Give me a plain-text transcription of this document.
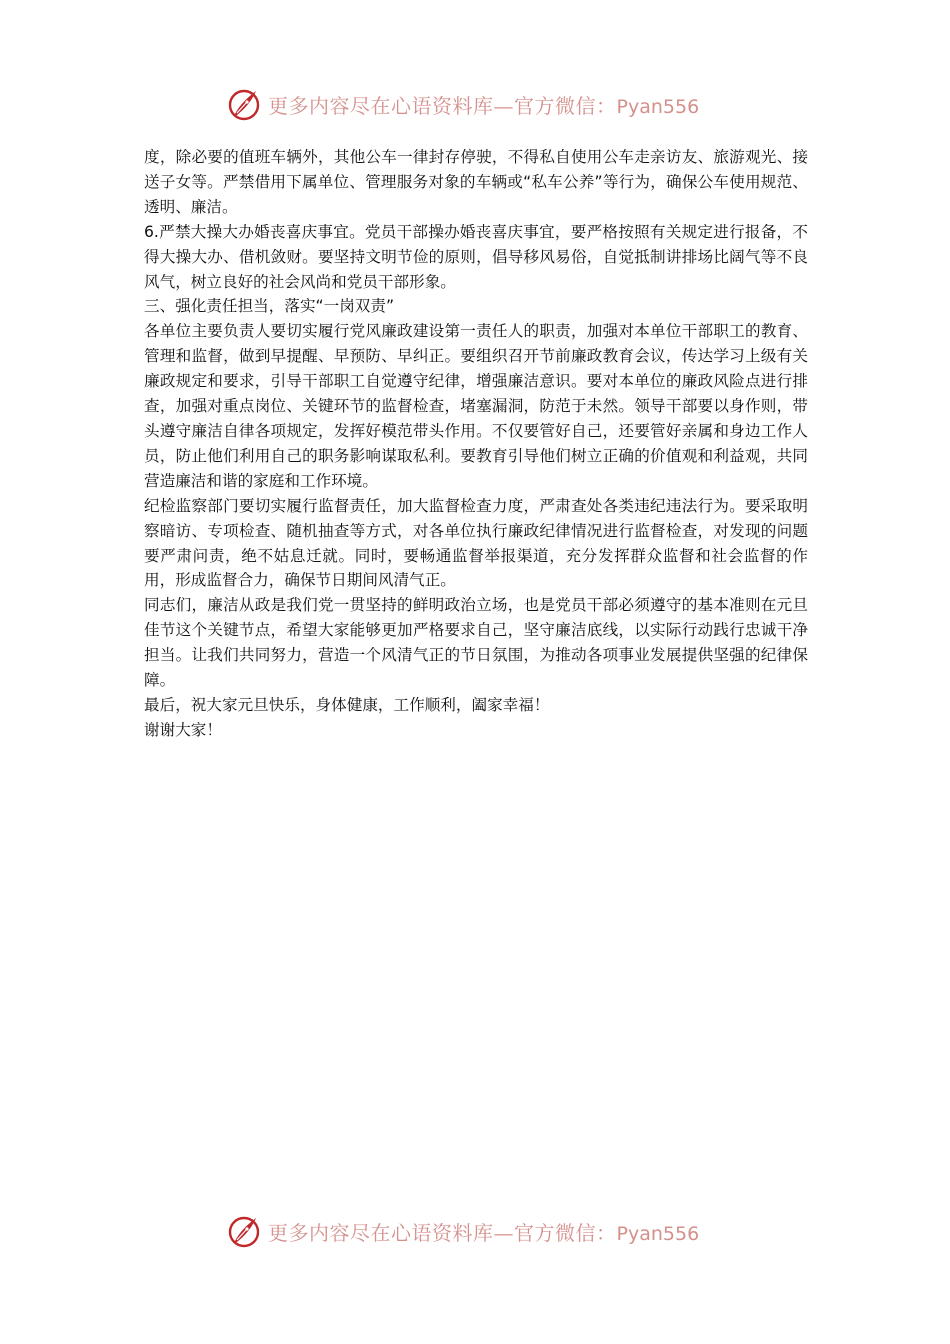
更多内容尽在心语资料库—官方微信：Pyan556

度，除必要的值班车辆外，其他公车一律封存停驶，不得私自使用公车走亲访友、旅游观光、接送子女等。严禁借用下属单位、管理服务对象的车辆或“私车公养”等行为，确保公车使用规范、透明、廉洁。

6.严禁大操大办婚丧喜庆事宜。党员干部操办婚丧喜庆事宜，要严格按照有关规定进行报备，不得大操大办、借机敛财。要坚持文明节俭的原则，倡导移风易俗，自觉抵制讲排场比阔气等不良风气，树立良好的社会风尚和党员干部形象。

三、强化责任担当，落实“一岗双责”

各单位主要负责人要切实履行党风廉政建设第一责任人的职责，加强对本单位干部职工的教育、管理和监督，做到早提醒、早预防、早纠正。要组织召开节前廉政教育会议，传达学习上级有关廉政规定和要求，引导干部职工自觉遵守纪律，增强廉洁意识。要对本单位的廉政风险点进行排查，加强对重点岗位、关键环节的监督检查，堵塞漏洞，防范于未然。领导干部要以身作则，带头遵守廉洁自律各项规定，发挥好模范带头作用。不仅要管好自己，还要管好亲属和身边工作人员，防止他们利用自己的职务影响谋取私利。要教育引导他们树立正确的价值观和利益观，共同营造廉洁和谐的家庭和工作环境。

纪检监察部门要切实履行监督责任，加大监督检查力度，严肃查处各类违纪违法行为。要采取明察暗访、专项检查、随机抽查等方式，对各单位执行廉政纪律情况进行监督检查，对发现的问题要严肃问责，绝不姑息迁就。同时，要畅通监督举报渠道，充分发挥群众监督和社会监督的作用，形成监督合力，确保节日期间风清气正。

同志们，廉洁从政是我们党一贯坚持的鲜明政治立场，也是党员干部必须遵守的基本准则在元旦佳节这个关键节点，希望大家能够更加严格要求自己，坚守廉洁底线，以实际行动践行忠诚干净担当。让我们共同努力，营造一个风清气正的节日氛围，为推动各项事业发展提供坚强的纪律保障。

最后，祝大家元旦快乐，身体健康，工作顺利，阖家幸福！

谢谢大家！

更多内容尽在心语资料库—官方微信：Pyan556
